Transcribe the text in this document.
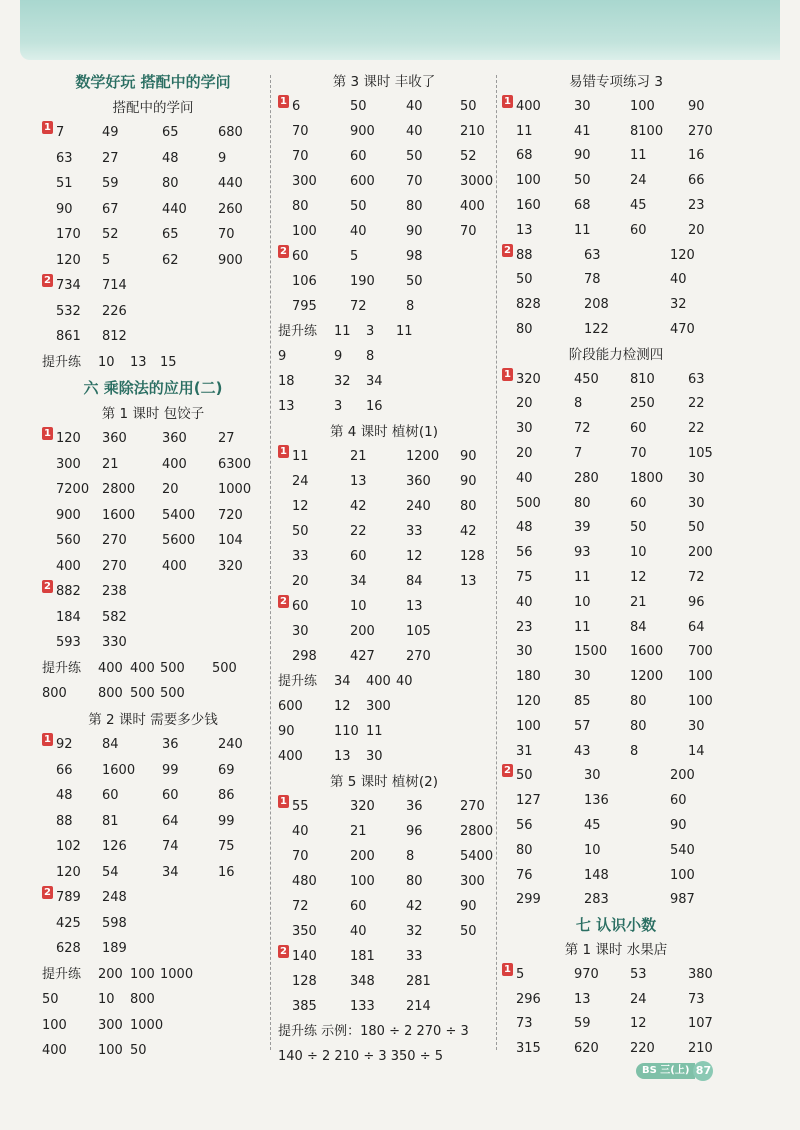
数学好玩 搭配中的学问
搭配中的学问
1 7	49	65	680
63 27	48	9
51 59	80	440
90 67	440 260
170 52	65	70
120 5	62	900
2 734 714
532 226
861 812
提升练 10 13 15
六 乘除法的应用(二)
第 1 课时 包饺子
1 120 360	360 27
300 21	400 6300
7200 2800 20	1000
900 1600 5400 720
560 270	5600 104
400 270	400 320
2 882 238
184 582
593 330
提升练 400 400 500 500
800 800 500 500
第 2 课时 需要多少钱
1 92 84	36	240
66 1600 99	69
48 60	60	86
88 81	64	99
102 126	74	75
120 54	34	16
2 789 248
425 598
628 189
提升练 200 100 1000
50	10 800
100 300 1000
400 100 50
第 3 课时 丰收了
1 6	50	40	50
70	900 40	210
70	60	50	52
300	600 70	3000
80	50	80	400
100	40	90	70
2 60	5	98
106	190 50
795	72	8
提升练 11 3 11
9	9 8
18	32 34
13	3 16
第 4 课时 植树(1)
1 11	21	1200 90
24	13	360 90
12	42	240 80
50	22	33	42
33	60	12	128
20	34	84	13
2 60	10	13
30	200 105
298	427 270
提升练 34 400 40
600 12 300
90	110 11
400 13 30
第 5 课时 植树(2)
1 55	320 36	270
40	21	96	2800
70	200 8	5400
480	100 80	300
72	60	42	90
350	40	32	50
2 140	181 33
128	348 281
385	133 214
提升练 示例：180 ÷ 2 270 ÷ 3
140 ÷ 2 210 ÷ 3 350 ÷ 5
易错专项练习 3
1 400	30	100	90
11	41	8100 270
68	90	11	16
100	50	24	66
160	68	45	23
13	11	60	20
2 88	63	120
50	78	40
828	208	32
80	122	470
阶段能力检测四
1 320	450 810	63
20	8	250	22
30	72	60	22
20	7	70	105
40	280 1800 30
500	80	60	30
48	39	50	50
56	93	10	200
75	11	12	72
40	10	21	96
23	11	84	64
30	1500 1600 700
180	30	1200 100
120	85	80	100
100	57	80	30
31	43	8	14
2 50	30	200
127	136	60
56	45	90
80	10	540
76	148	100
299	283	987
七 认识小数
第 1 课时 水果店
1 5	970 53	380
296	13	24	73
73	59	12	107
315	620 220	210
BS 三(上) 87
